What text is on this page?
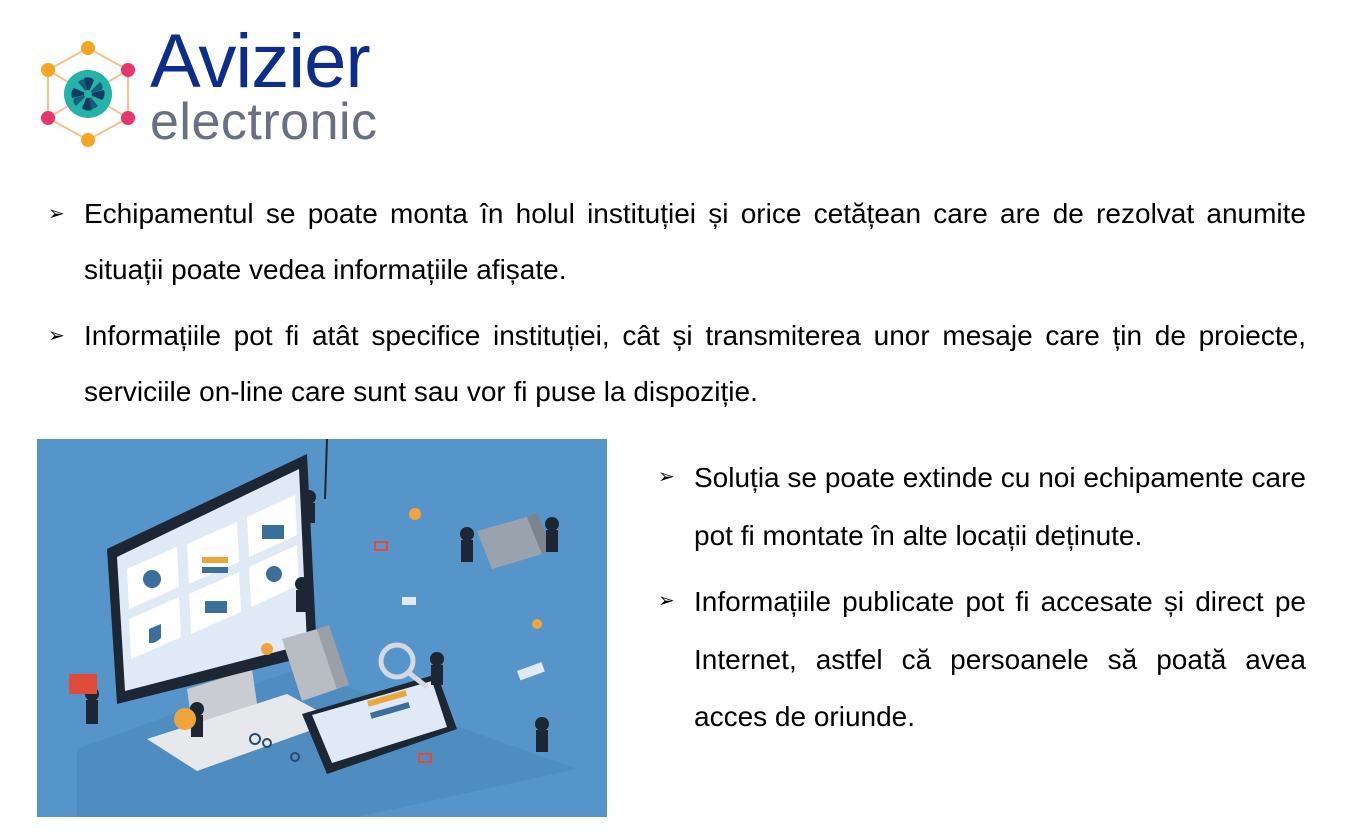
Avizier
electronic
➢ Echipamentul se poate monta în holul instituției și orice cetățean care are de rezolvat anumite situații poate vedea informațiile afișate.
➢ Informațiile pot fi atât specifice instituției, cât și transmiterea unor mesaje care țin de proiecte, serviciile on-line care sunt sau vor fi puse la dispoziție.
➢ Soluția se poate extinde cu noi echipamente care pot fi montate în alte locații deținute.
➢ Informațiile publicate pot fi accesate și direct pe Internet, astfel că persoanele să poată avea acces de oriunde.
